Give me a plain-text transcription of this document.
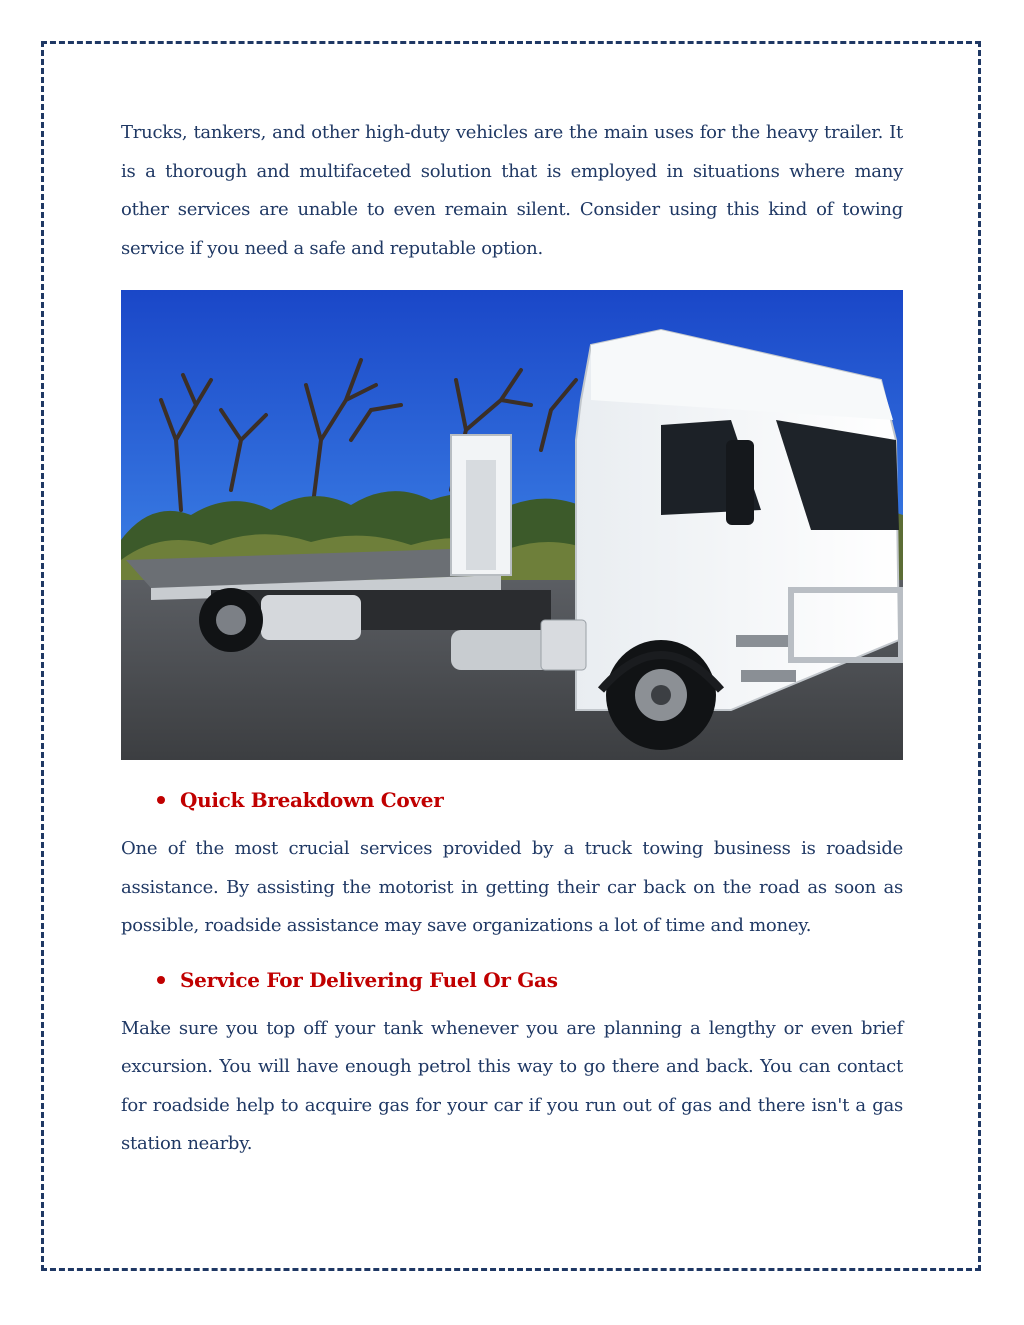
Trucks, tankers, and other high-duty vehicles are the main uses for the heavy trailer. It is a thorough and multifaceted solution that is employed in situations where many other services are unable to even remain silent. Consider using this kind of towing service if you need a safe and reputable option.

Quick Breakdown Cover

One of the most crucial services provided by a truck towing business is roadside assistance. By assisting the motorist in getting their car back on the road as soon as possible, roadside assistance may save organizations a lot of time and money.

Service For Delivering Fuel Or Gas

Make sure you top off your tank whenever you are planning a lengthy or even brief excursion. You will have enough petrol this way to go there and back. You can contact for roadside help to acquire gas for your car if you run out of gas and there isn't a gas station nearby.
